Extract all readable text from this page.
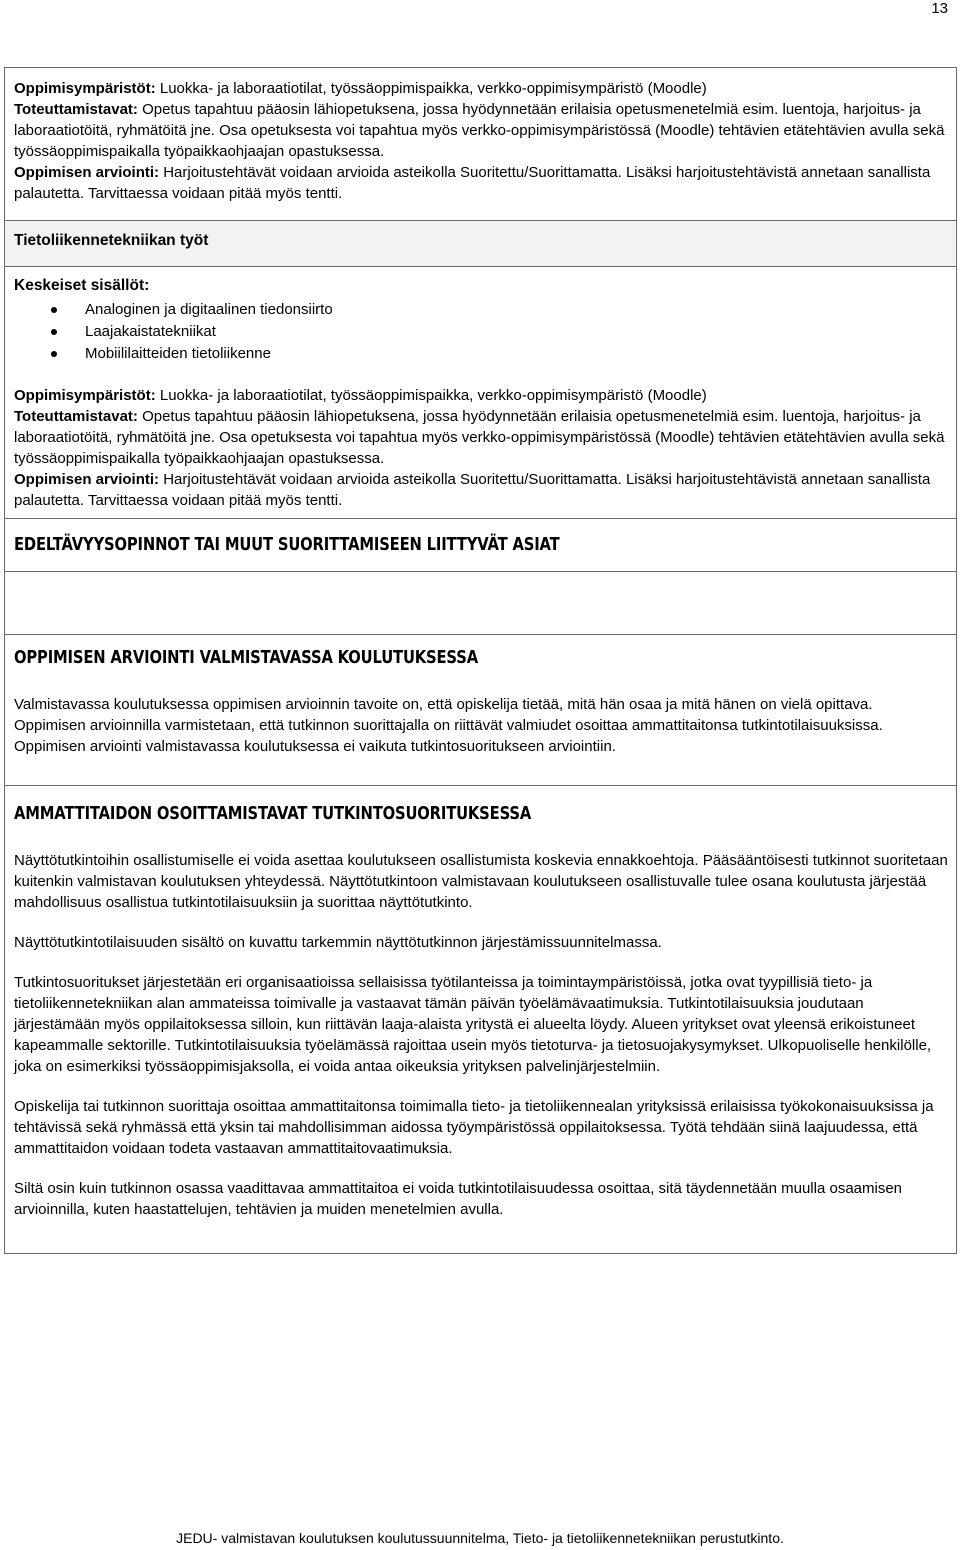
13

Oppimisympäristöt: Luokka- ja laboraatiotilat, työssäoppimispaikka, verkko-oppimisympäristö (Moodle)

Toteuttamistavat: Opetus tapahtuu pääosin lähiopetuksena, jossa hyödynnetään erilaisia opetusmenetelmiä esim. luentoja, harjoitus- ja laboraatiotöitä, ryhmätöitä jne. Osa opetuksesta voi tapahtua myös verkko-oppimisympäristössä (Moodle) tehtävien etätehtävien avulla sekä työssäoppimispaikalla työpaikkaohjaajan opastuksessa.

Oppimisen arviointi: Harjoitustehtävät voidaan arvioida asteikolla Suoritettu/Suorittamatta. Lisäksi harjoitustehtävistä annetaan sanallista palautetta. Tarvittaessa voidaan pitää myös tentti.

Tietoliikennetekniikan työt
Keskeiset sisällöt:
Analoginen ja digitaalinen tiedonsiirto
Laajakaistatekniikat
Mobiililaitteiden tietoliikenne

Oppimisympäristöt: Luokka- ja laboraatiotilat, työssäoppimispaikka, verkko-oppimisympäristö (Moodle)

Toteuttamistavat: Opetus tapahtuu pääosin lähiopetuksena, jossa hyödynnetään erilaisia opetusmenetelmiä esim. luentoja, harjoitus- ja laboraatiotöitä, ryhmätöitä jne. Osa opetuksesta voi tapahtua myös verkko-oppimisympäristössä (Moodle) tehtävien etätehtävien avulla sekä työssäoppimispaikalla työpaikkaohjaajan opastuksessa.

Oppimisen arviointi: Harjoitustehtävät voidaan arvioida asteikolla Suoritettu/Suorittamatta. Lisäksi harjoitustehtävistä annetaan sanallista palautetta. Tarvittaessa voidaan pitää myös tentti.

EDELTÄVYYSOPINNOT TAI MUUT SUORITTAMISEEN LIITTYVÄT ASIAT
OPPIMISEN ARVIOINTI VALMISTAVASSA KOULUTUKSESSA

Valmistavassa koulutuksessa oppimisen arvioinnin tavoite on, että opiskelija tietää, mitä hän osaa ja mitä hänen on vielä opittava. Oppimisen arvioinnilla varmistetaan, että tutkinnon suorittajalla on riittävät valmiudet osoittaa ammattitaitonsa tutkintotilaisuuksissa. Oppimisen arviointi valmistavassa koulutuksessa ei vaikuta tutkintosuoritukseen arviointiin.

AMMATTITAIDON OSOITTAMISTAVAT TUTKINTOSUORITUKSESSA

Näyttötutkintoihin osallistumiselle ei voida asettaa koulutukseen osallistumista koskevia ennakkoehtoja. Pääsääntöisesti tutkinnot suoritetaan kuitenkin valmistavan koulutuksen yhteydessä. Näyttötutkintoon valmistavaan koulutukseen osallistuvalle tulee osana koulutusta järjestää mahdollisuus osallistua tutkintotilaisuuksiin ja suorittaa näyttötutkinto.

Näyttötutkintotilaisuuden sisältö on kuvattu tarkemmin näyttötutkinnon järjestämissuunnitelmassa.

Tutkintosuoritukset järjestetään eri organisaatioissa sellaisissa työtilanteissa ja toimintaympäristöissä, jotka ovat tyypillisiä tieto- ja tietoliikennetekniikan alan ammateissa toimivalle ja vastaavat tämän päivän työelämävaatimuksia. Tutkintotilaisuuksia joudutaan järjestämään myös oppilaitoksessa silloin, kun riittävän laaja-alaista yritystä ei alueelta löydy. Alueen yritykset ovat yleensä erikoistuneet kapeammalle sektorille. Tutkintotilaisuuksia työelämässä rajoittaa usein myös tietoturva- ja tietosuojakysymykset. Ulkopuoliselle henkilölle, joka on esimerkiksi työssäoppimisjaksolla, ei voida antaa oikeuksia yrityksen palvelinjärjestelmiin.

Opiskelija tai tutkinnon suorittaja osoittaa ammattitaitonsa toimimalla tieto- ja tietoliikennealan yrityksissä erilaisissa työkokonaisuuksissa ja tehtävissä sekä ryhmässä että yksin tai mahdollisimman aidossa työympäristössä oppilaitoksessa. Työtä tehdään siinä laajuudessa, että ammattitaidon voidaan todeta vastaavan ammattitaitovaatimuksia.

Siltä osin kuin tutkinnon osassa vaadittavaa ammattitaitoa ei voida tutkintotilaisuudessa osoittaa, sitä täydennetään muulla osaamisen arvioinnilla, kuten haastattelujen, tehtävien ja muiden menetelmien avulla.

JEDU- valmistavan koulutuksen koulutussuunnitelma, Tieto- ja tietoliikennetekniikan perustutkinto.
